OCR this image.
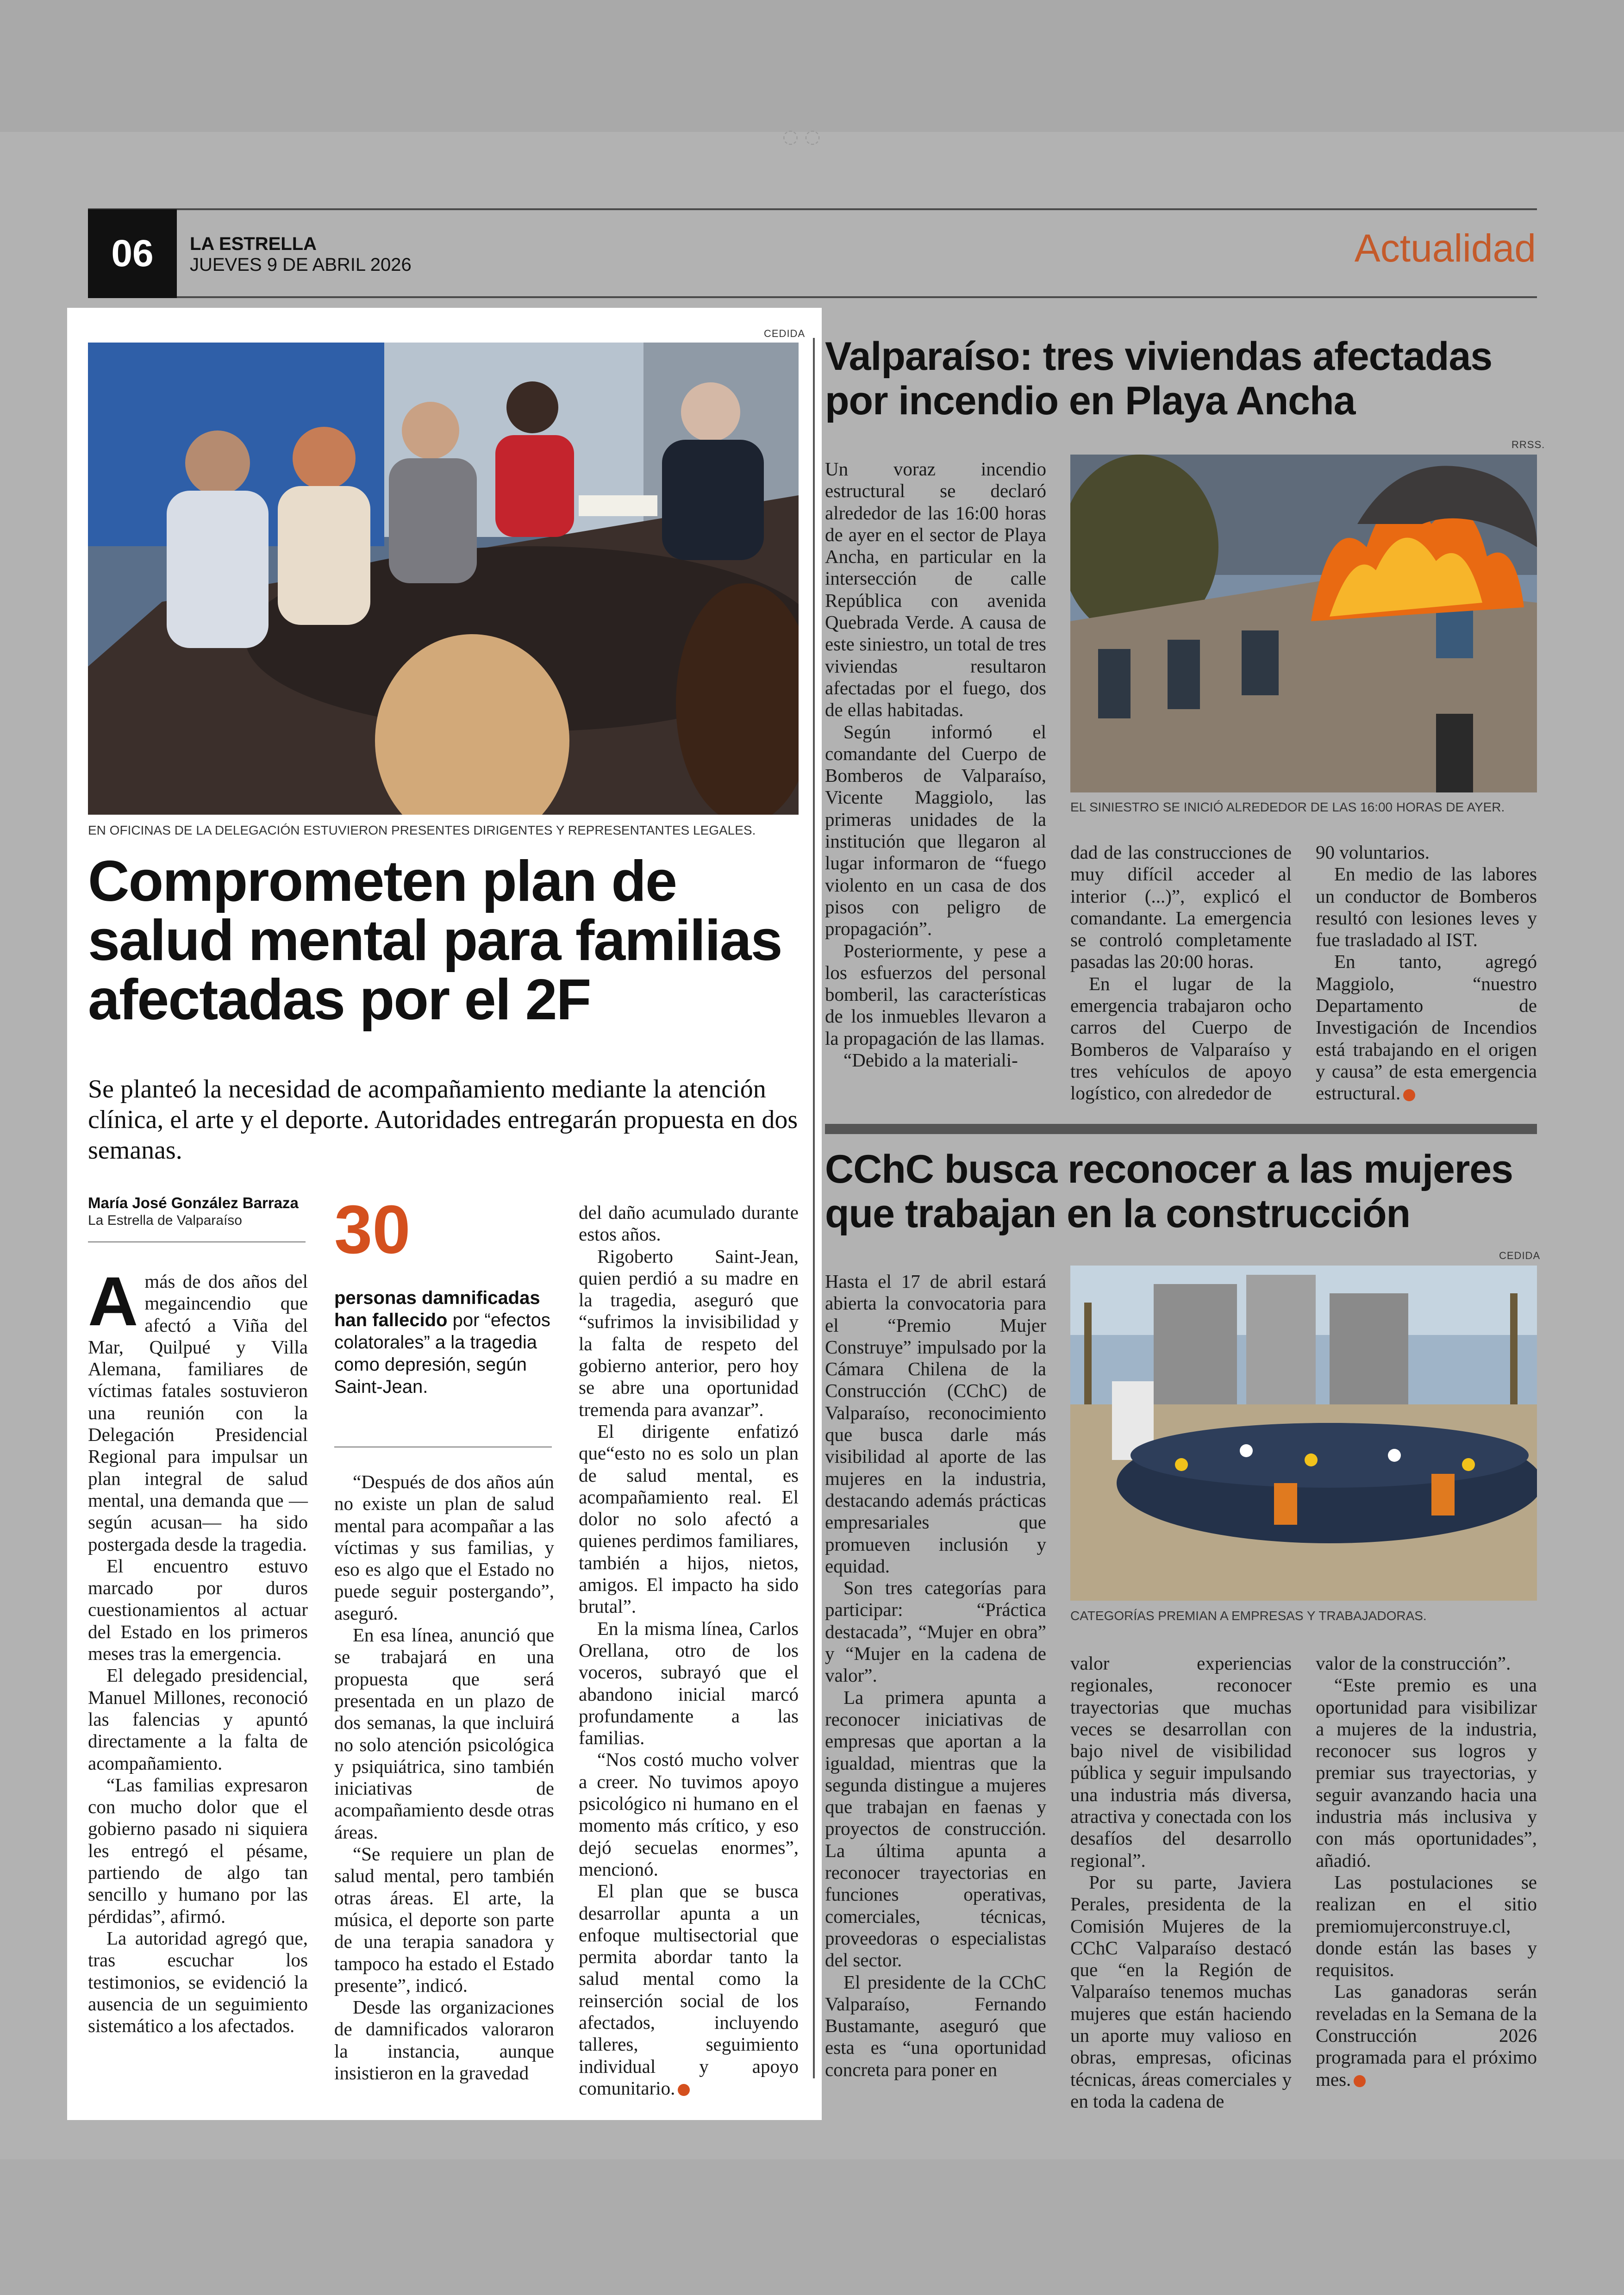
◌ ◌
06	LA ESTRELLA
JUEVES 9 DE ABRIL 2026	Actualidad
CEDIDA
EN OFICINAS DE LA DELEGACIÓN ESTUVIERON PRESENTES DIRIGENTES Y REPRESENTANTES LEGALES.
Comprometen plan de salud mental para familias afectadas por el 2F
Se planteó la necesidad de acompañamiento mediante la atención clínica, el arte y el deporte. Autoridades entregarán propuesta en dos semanas.
María José González Barraza
La Estrella de Valparaíso

A más de dos años del megaincendio que afectó a Viña del Mar, Quilpué y Villa Alemana, familiares de víctimas fatales sostuvieron una reunión con la Delegación Presidencial Regional para impulsar un plan integral de salud mental, una demanda que —según acusan— ha sido postergada desde la tragedia.

El encuentro estuvo marcado por duros cuestionamientos al actuar del Estado en los primeros meses tras la emergencia.

El delegado presidencial, Manuel Millones, reconoció las falencias y apuntó directamente a la falta de acompañamiento.

“Las familias expresaron con mucho dolor que el gobierno pasado ni siquiera les entregó el pésame, partiendo de algo tan sencillo y humano por las pérdidas”, afirmó.

La autoridad agregó que, tras escuchar los testimonios, se evidenció la ausencia de un seguimiento sistemático a los afectados.

30
personas damnificadas han fallecido por “efectos colatorales” a la tragedia como depresión, según Saint-Jean.

“Después de dos años aún no existe un plan de salud mental para acompañar a las víctimas y sus familias, y eso es algo que el Estado no puede seguir postergando”, aseguró.

En esa línea, anunció que se trabajará en una propuesta que será presentada en un plazo de dos semanas, la que incluirá no solo atención psicológica y psiquiátrica, sino también iniciativas de acompañamiento desde otras áreas.

“Se requiere un plan de salud mental, pero también otras áreas. El arte, la música, el deporte son parte de una terapia sanadora y tampoco ha estado el Estado presente”, indicó.

Desde las organizaciones de damnificados valoraron la instancia, aunque insistieron en la gravedad

del daño acumulado durante estos años.

Rigoberto Saint-Jean, quien perdió a su madre en la tragedia, aseguró que “sufrimos la invisibilidad y la falta de respeto del gobierno anterior, pero hoy se abre una oportunidad tremenda para avanzar”.

El dirigente enfatizó que“esto no es solo un plan de salud mental, es acompañamiento real. El dolor no solo afectó a quienes perdimos familiares, también a hijos, nietos, amigos. El impacto ha sido brutal”.

En la misma línea, Carlos Orellana, otro de los voceros, subrayó que el abandono inicial marcó profundamente a las familias.

“Nos costó mucho volver a creer. No tuvimos apoyo psicológico ni humano en el momento más crítico, y eso dejó secuelas enormes”, mencionó.

El plan que se busca desarrollar apunta a un enfoque multisectorial que permita abordar tanto la salud mental como la reinserción social de los afectados, incluyendo talleres, seguimiento individual y apoyo comunitario.

Valparaíso: tres viviendas afectadas por incendio en Playa Ancha
RRSS.
EL SINIESTRO SE INICIÓ ALREDEDOR DE LAS 16:00 HORAS DE AYER.

Un voraz incendio estructural se declaró alrededor de las 16:00 horas de ayer en el sector de Playa Ancha, en particular en la intersección de calle República con avenida Quebrada Verde. A causa de este siniestro, un total de tres viviendas resultaron afectadas por el fuego, dos de ellas habitadas.

Según informó el comandante del Cuerpo de Bomberos de Valparaíso, Vicente Maggiolo, las primeras unidades de la institución que llegaron al lugar informaron de “fuego violento en un casa de dos pisos con peligro de propagación”.

Posteriormente, y pese a los esfuerzos del personal bomberil, las características de los inmuebles llevaron a la propagación de las llamas.

“Debido a la materiali-

dad de las construcciones de muy difícil acceder al interior (...)”, explicó el comandante. La emergencia se controló completamente pasadas las 20:00 horas.

En el lugar de la emergencia trabajaron ocho carros del Cuerpo de Bomberos de Valparaíso y tres vehículos de apoyo logístico, con alrededor de

90 voluntarios.

En medio de las labores un conductor de Bomberos resultó con lesiones leves y fue trasladado al IST.

En tanto, agregó Maggiolo, “nuestro Departamento de Investigación de Incendios está trabajando en el origen y causa” de esta emergencia estructural.

CChC busca reconocer a las mujeres que trabajan en la construcción
CEDIDA
CATEGORÍAS PREMIAN A EMPRESAS Y TRABAJADORAS.

Hasta el 17 de abril estará abierta la convocatoria para el “Premio Mujer Construye” impulsado por la Cámara Chilena de la Construcción (CChC) de Valparaíso, reconocimiento que busca darle más visibilidad al aporte de las mujeres en la industria, destacando además prácticas empresariales que promueven inclusión y equidad.

Son tres categorías para participar: “Práctica destacada”, “Mujer en obra” y “Mujer en la cadena de valor”.

La primera apunta a reconocer iniciativas de empresas que aportan a la igualdad, mientras que la segunda distingue a mujeres que trabajan en faenas y proyectos de construcción. La última apunta a reconocer trayectorias en funciones operativas, comerciales, técnicas, proveedoras o especialistas del sector.

El presidente de la CChC Valparaíso, Fernando Bustamante, aseguró que esta es “una oportunidad concreta para poner en

valor experiencias regionales, reconocer trayectorias que muchas veces se desarrollan con bajo nivel de visibilidad pública y seguir impulsando una industria más diversa, atractiva y conectada con los desafíos del desarrollo regional”.

Por su parte, Javiera Perales, presidenta de la Comisión Mujeres de la CChC Valparaíso destacó que “en la Región de Valparaíso tenemos muchas mujeres que están haciendo un aporte muy valioso en obras, empresas, oficinas técnicas, áreas comerciales y en toda la cadena de

valor de la construcción”.

“Este premio es una oportunidad para visibilizar a mujeres de la industria, reconocer sus logros y premiar sus trayectorias, y seguir avanzando hacia una industria más inclusiva y con más oportunidades”, añadió.

Las postulaciones se realizan en el sitio premiomujerconstruye.cl, donde están las bases y requisitos.

Las ganadoras serán reveladas en la Semana de la Construcción 2026 programada para el próximo mes.
